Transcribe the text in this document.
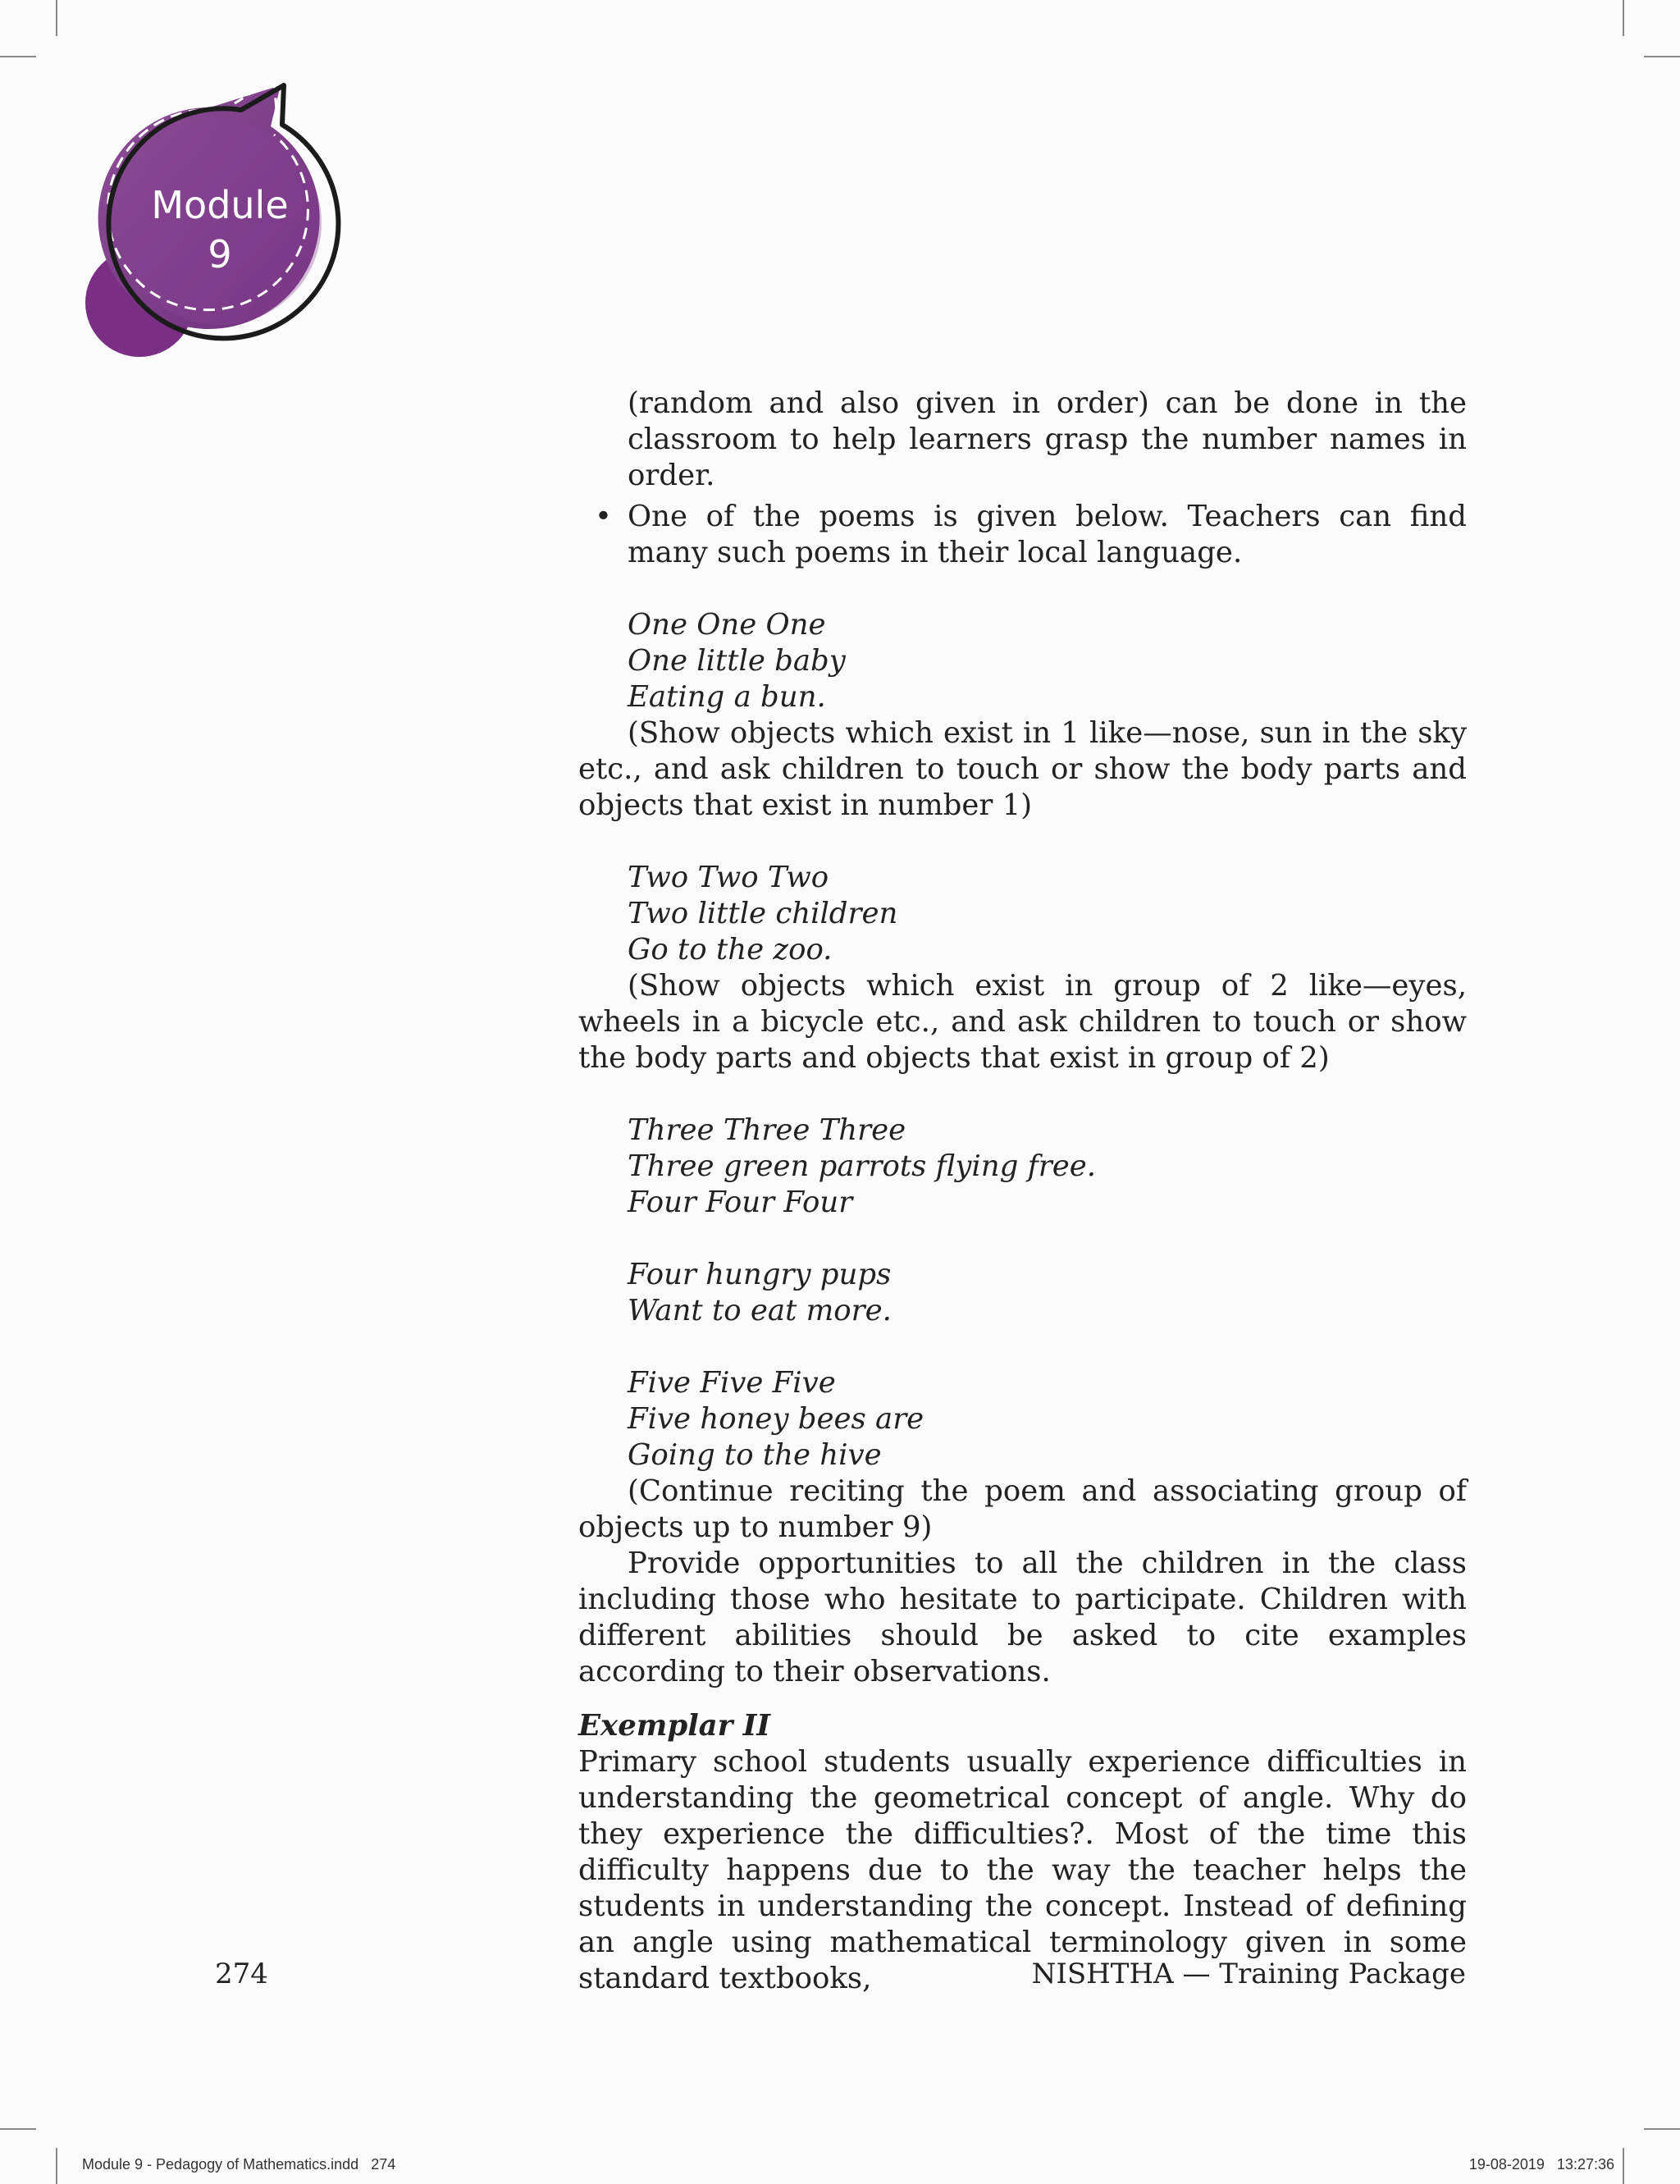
Module
9

(random and also given in order) can be done in the classroom to help learners grasp the number names in order.

• One of the poems is given below. Teachers can find many such poems in their local language.

One One One

One little baby

Eating a bun.

(Show objects which exist in 1 like—nose, sun in the sky etc., and ask children to touch or show the body parts and objects that exist in number 1)

Two Two Two

Two little children

Go to the zoo.

(Show objects which exist in group of 2 like—eyes, wheels in a bicycle etc., and ask children to touch or show the body parts and objects that exist in group of 2)

Three Three Three

Three green parrots flying free.

Four Four Four

Four hungry pups

Want to eat more.

Five Five Five

Five honey bees are

Going to the hive

(Continue reciting the poem and associating group of objects up to number 9)

Provide opportunities to all the children in the class including those who hesitate to participate. Children with different abilities should be asked to cite examples according to their observations.

Exemplar II

Primary school students usually experience difficulties in understanding the geometrical concept of angle. Why do they experience the difficulties?. Most of the time this difficulty happens due to the way the teacher helps the students in understanding the concept. Instead of defining an angle using mathematical terminology given in some standard textbooks,

274	NISHTHA — Training Package
Module 9 - Pedagogy of Mathematics.indd   274	19-08-2019   13:27:36
